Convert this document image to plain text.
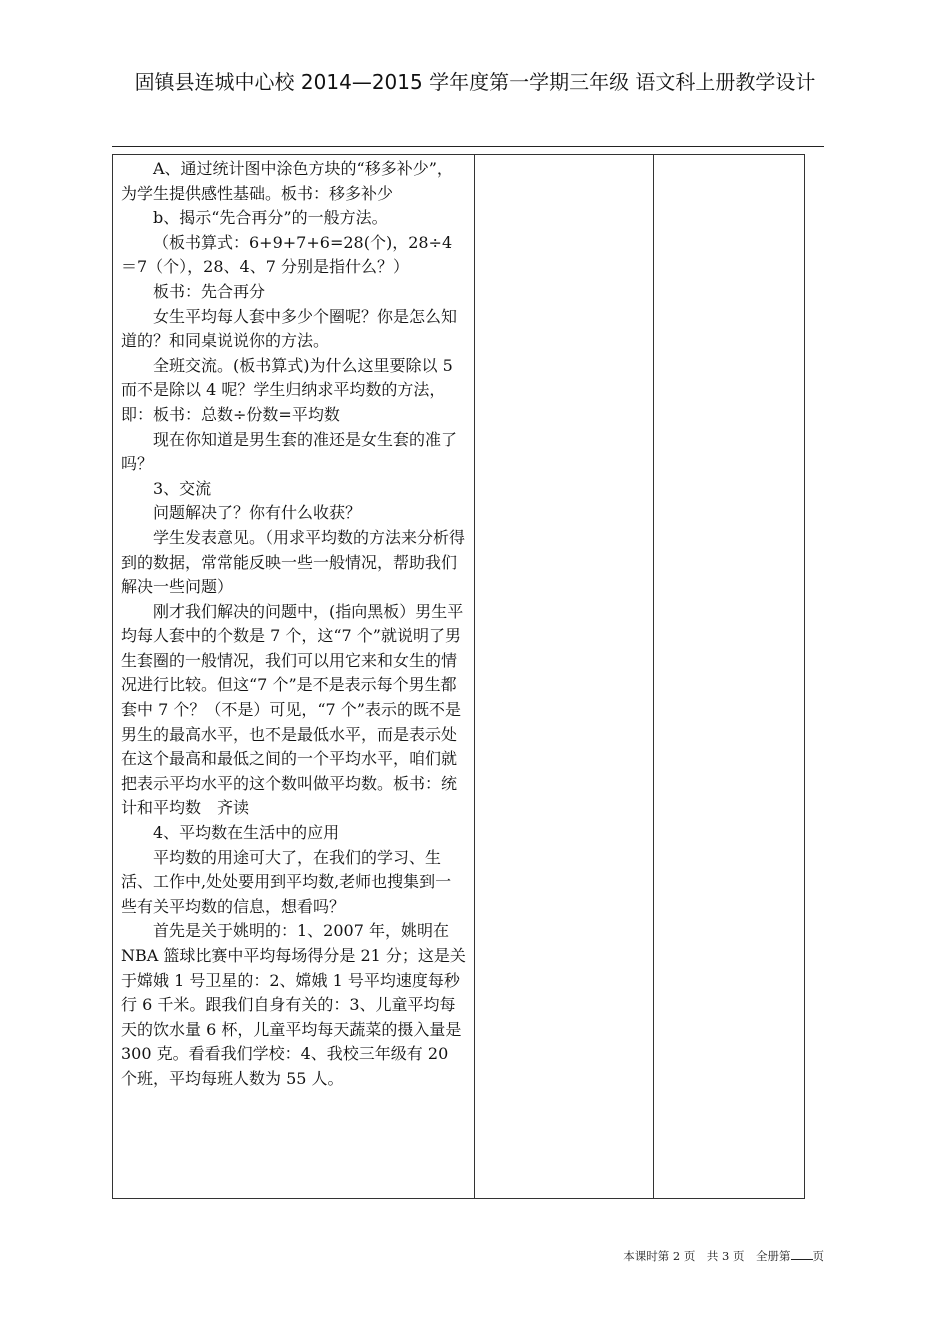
固镇县连城中心校 2014—2015 学年度第一学期三年级 语文科上册教学设计

A、通过统计图中涂色方块的“移多补少”，为学生提供感性基础。板书：移多补少

b、揭示“先合再分”的一般方法。

（板书算式：6+9+7+6=28(个)，28÷4＝7（个），28、4、7 分别是指什么？）

板书：先合再分

女生平均每人套中多少个圈呢？你是怎么知道的？和同桌说说你的方法。

全班交流。(板书算式)为什么这里要除以 5 而不是除以 4 呢？学生归纳求平均数的方法，即：板书：总数÷份数=平均数

现在你知道是男生套的准还是女生套的准了吗？

3、交流

问题解决了？你有什么收获？

学生发表意见。（用求平均数的方法来分析得到的数据，常常能反映一些一般情况，帮助我们解决一些问题）

刚才我们解决的问题中，(指向黑板）男生平均每人套中的个数是 7 个，这“7 个”就说明了男生套圈的一般情况，我们可以用它来和女生的情况进行比较。但这“7 个”是不是表示每个男生都套中 7 个？（不是）可见，“7 个”表示的既不是男生的最高水平，也不是最低水平，而是表示处在这个最高和最低之间的一个平均水平，咱们就把表示平均水平的这个数叫做平均数。板书：统计和平均数　齐读

4、平均数在生活中的应用

平均数的用途可大了，在我们的学习、生活、工作中,处处要用到平均数,老师也搜集到一些有关平均数的信息，想看吗？

首先是关于姚明的：1、2007 年，姚明在 NBA 篮球比赛中平均每场得分是 21 分；这是关于嫦娥 1 号卫星的：2、嫦娥 1 号平均速度每秒行 6 千米。跟我们自身有关的：3、儿童平均每天的饮水量 6 杯，儿童平均每天蔬菜的摄入量是 300 克。看看我们学校：4、我校三年级有 20 个班，平均每班人数为 55 人。

本课时第 2 页　共 3 页　全册第 页
